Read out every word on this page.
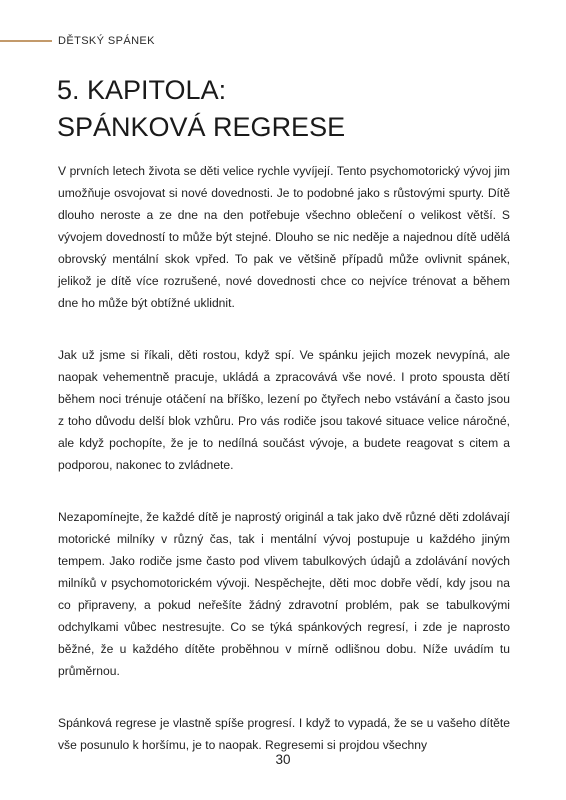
DĚTSKÝ SPÁNEK
5. KAPITOLA:
SPÁNKOVÁ REGRESE

V prvních letech života se děti velice rychle vyvíjejí. Tento psychomotorický vývoj jim umožňuje osvojovat si nové dovednosti. Je to podobné jako s růstovými spurty. Dítě dlouho neroste a ze dne na den potřebuje všechno oblečení o velikost větší. S vývojem dovedností to může být stejné. Dlouho se nic neděje a najednou dítě udělá obrovský mentální skok vpřed. To pak ve většině případů může ovlivnit spánek, jelikož je dítě více rozrušené, nové dovednosti chce co nejvíce trénovat a během dne ho může být obtížné uklidnit.

Jak už jsme si říkali, děti rostou, když spí. Ve spánku jejich mozek nevypíná, ale naopak vehementně pracuje, ukládá a zpracovává vše nové. I proto spousta dětí během noci trénuje otáčení na bříško, lezení po čtyřech nebo vstávání a často jsou z toho důvodu delší blok vzhůru. Pro vás rodiče jsou takové situace velice náročné, ale když pochopíte, že je to nedílná součást vývoje, a budete reagovat s citem a podporou, nakonec to zvládnete.

Nezapomínejte, že každé dítě je naprostý originál a tak jako dvě různé děti zdolávají motorické milníky v různý čas, tak i mentální vývoj postupuje u každého jiným tempem. Jako rodiče jsme často pod vlivem tabulkových údajů a zdolávání nových milníků v psychomotorickém vývoji. Nespěchejte, děti moc dobře vědí, kdy jsou na co připraveny, a pokud neřešíte žádný zdravotní problém, pak se tabulkovými odchylkami vůbec nestresujte. Co se týká spánkových regresí, i zde je naprosto běžné, že u každého dítěte proběhnou v mírně odlišnou dobu. Níže uvádím tu průměrnou.

Spánková regrese je vlastně spíše progresí. I když to vypadá, že se u vašeho dítěte vše posunulo k horšímu, je to naopak. Regresemi si projdou všechny

30
